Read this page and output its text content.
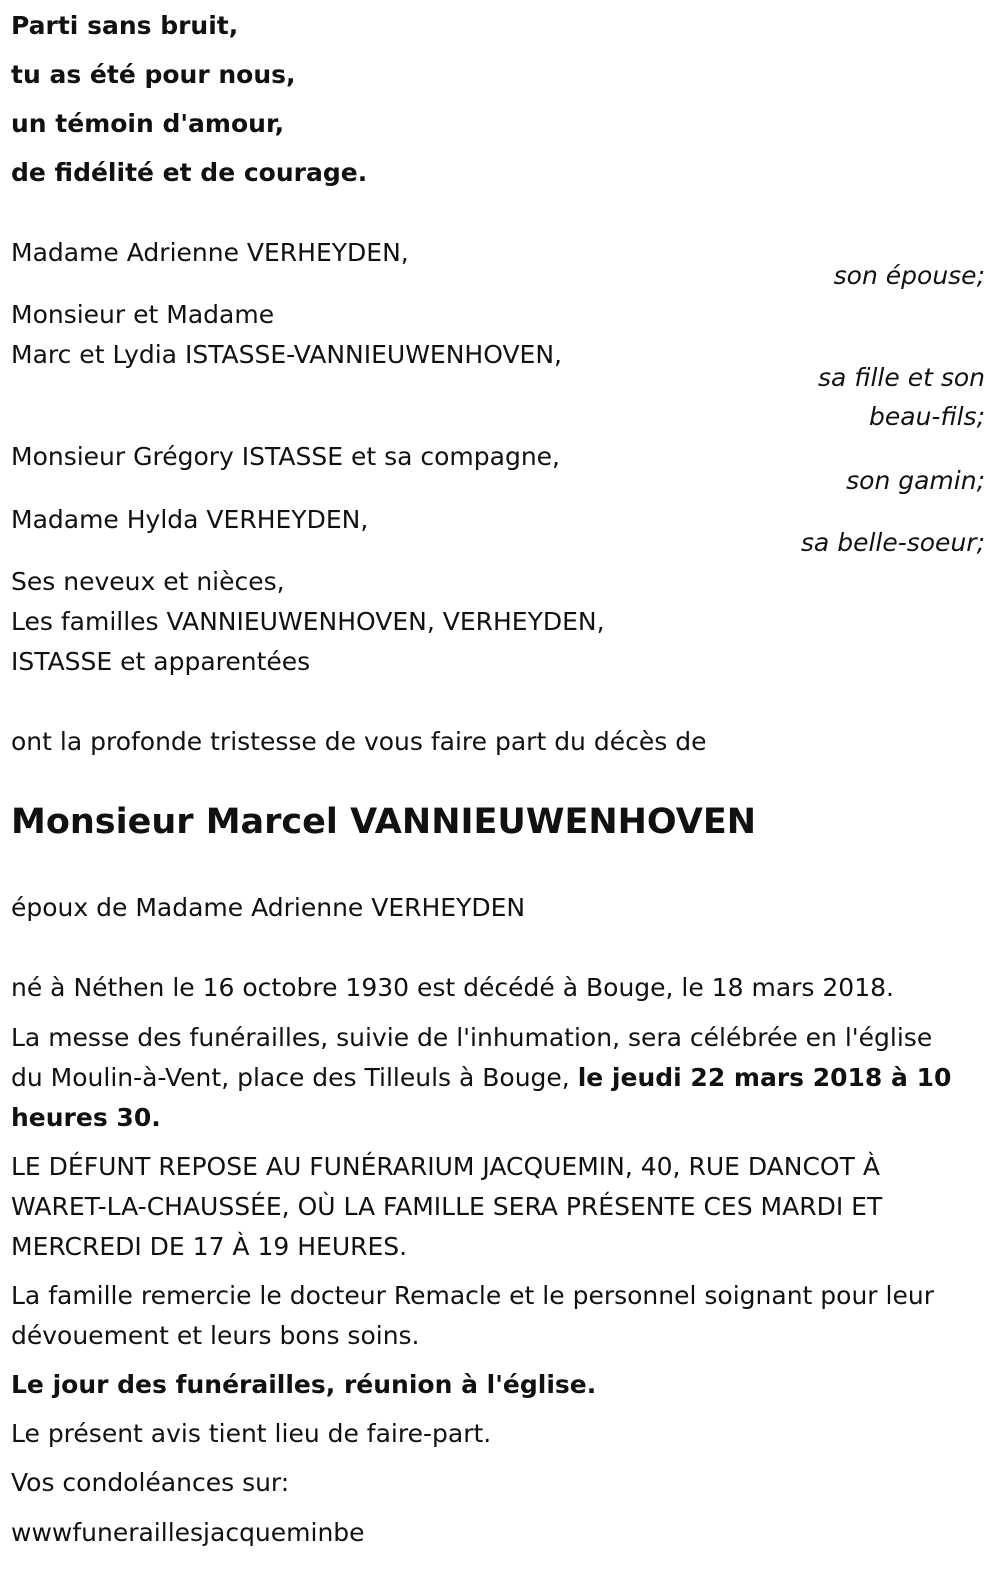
Parti sans bruit,
tu as été pour nous,
un témoin d'amour,
de fidélité et de courage.
Madame Adrienne VERHEYDEN,
son épouse;
Monsieur et Madame
Marc et Lydia ISTASSE-VANNIEUWENHOVEN,
sa fille et son
beau-fils;
Monsieur Grégory ISTASSE et sa compagne,
son gamin;
Madame Hylda VERHEYDEN,
sa belle-soeur;
Ses neveux et nièces,
Les familles VANNIEUWENHOVEN, VERHEYDEN,
ISTASSE et apparentées
ont la profonde tristesse de vous faire part du décès de
Monsieur Marcel VANNIEUWENHOVEN
époux de Madame Adrienne VERHEYDEN
né à Néthen le 16 octobre 1930 est décédé à Bouge, le 18 mars 2018.
La messe des funérailles, suivie de l'inhumation, sera célébrée en l'église du Moulin-à-Vent, place des Tilleuls à Bouge, le jeudi 22 mars 2018 à 10 heures 30.
LE DÉFUNT REPOSE AU FUNÉRARIUM JACQUEMIN, 40, RUE DANCOT À WARET-LA-CHAUSSÉE, OÙ LA FAMILLE SERA PRÉSENTE CES MARDI ET MERCREDI DE 17 À 19 HEURES.
La famille remercie le docteur Remacle et le personnel soignant pour leur dévouement et leurs bons soins.
Le jour des funérailles, réunion à l'église.
Le présent avis tient lieu de faire-part.
Vos condoléances sur:
wwwfuneraillesjacqueminbe
